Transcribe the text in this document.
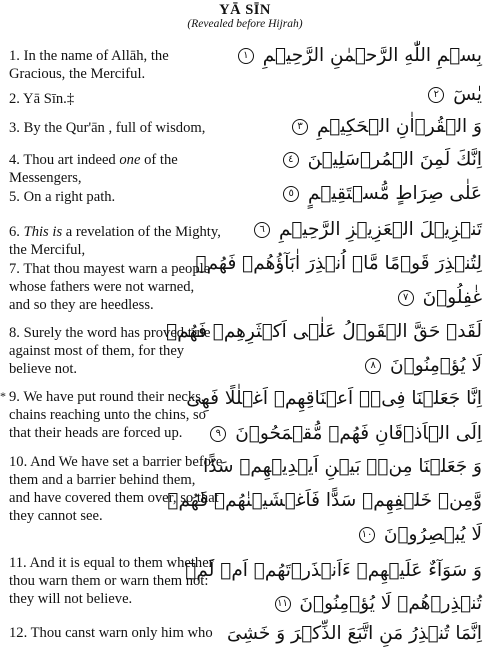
YĀ SĪN
(Revealed before Hijrah)
1. In the name of Allāh, the
Gracious, the Merciful.
2. Yā Sīn.‡
3. By the Qur'ān , full of wisdom,
4. Thou art indeed one of the
Messengers,
5. On a right path.
6. This is a revelation of the Mighty,
the Merciful,
7. That thou mayest warn a people
whose fathers were not warned,
and so they are heedless.
8. Surely the word has proved true
against most of them, for they
believe not.
* 9. We have put round their necks,
chains reaching unto the chins, so
that their heads are forced up.
10. And We have set a barrier before
them and a barrier behind them,
and have covered them over, so that
they cannot see.
11. And it is equal to them whether
thou warn them or warn them not:
they will not believe.
12. Thou canst warn only him who
بِسۡمِ اللّٰهِ الرَّحۡمٰنِ الرَّحِيۡمِ ١
يٰسٓ ٢
وَ الۡقُرۡاٰنِ الۡحَكِيۡمِ ٣
اِنَّكَ لَمِنَ الۡمُرۡسَلِيۡنَ ٤
عَلٰى صِرَاطٍ مُّسۡتَقِيۡمٍ ٥
تَنۡزِيۡلَ الۡعَزِيۡزِ الرَّحِيۡمِ ٦
لِتُنۡذِرَ قَوۡمًا مَّاۤ اُنۡذِرَ اٰبَآؤُهُمۡ فَهُمۡ
غٰفِلُوۡنَ ٧
لَقَدۡ حَقَّ الۡقَوۡلُ عَلٰۤى اَكۡثَرِهِمۡ فَهُمۡ
لَا يُؤۡمِنُوۡنَ ٨
اِنَّا جَعَلۡنَا فِىۡۤ اَعۡنَاقِهِمۡ اَغۡلٰلًا فَهِىَ
اِلَى الۡاَذۡقَانِ فَهُمۡ مُّقۡمَحُوۡنَ ٩
وَ جَعَلۡنَا مِنۡۢ بَيۡنِ اَيۡدِيۡهِمۡ سَدًّا
وَّمِنۡ خَلۡفِهِمۡ سَدًّا فَاَغۡشَيۡنٰهُمۡ فَهُمۡ
لَا يُبۡصِرُوۡنَ ١٠
وَ سَوَآءٌ عَلَيۡهِمۡ ءَاَنۡذَرۡتَهُمۡ اَمۡ لَمۡ
تُنۡذِرۡهُمۡ لَا يُؤۡمِنُوۡنَ ١١
اِنَّمَا تُنۡذِرُ مَنِ اتَّبَعَ الذِّكۡرَ وَ خَشِىَ
